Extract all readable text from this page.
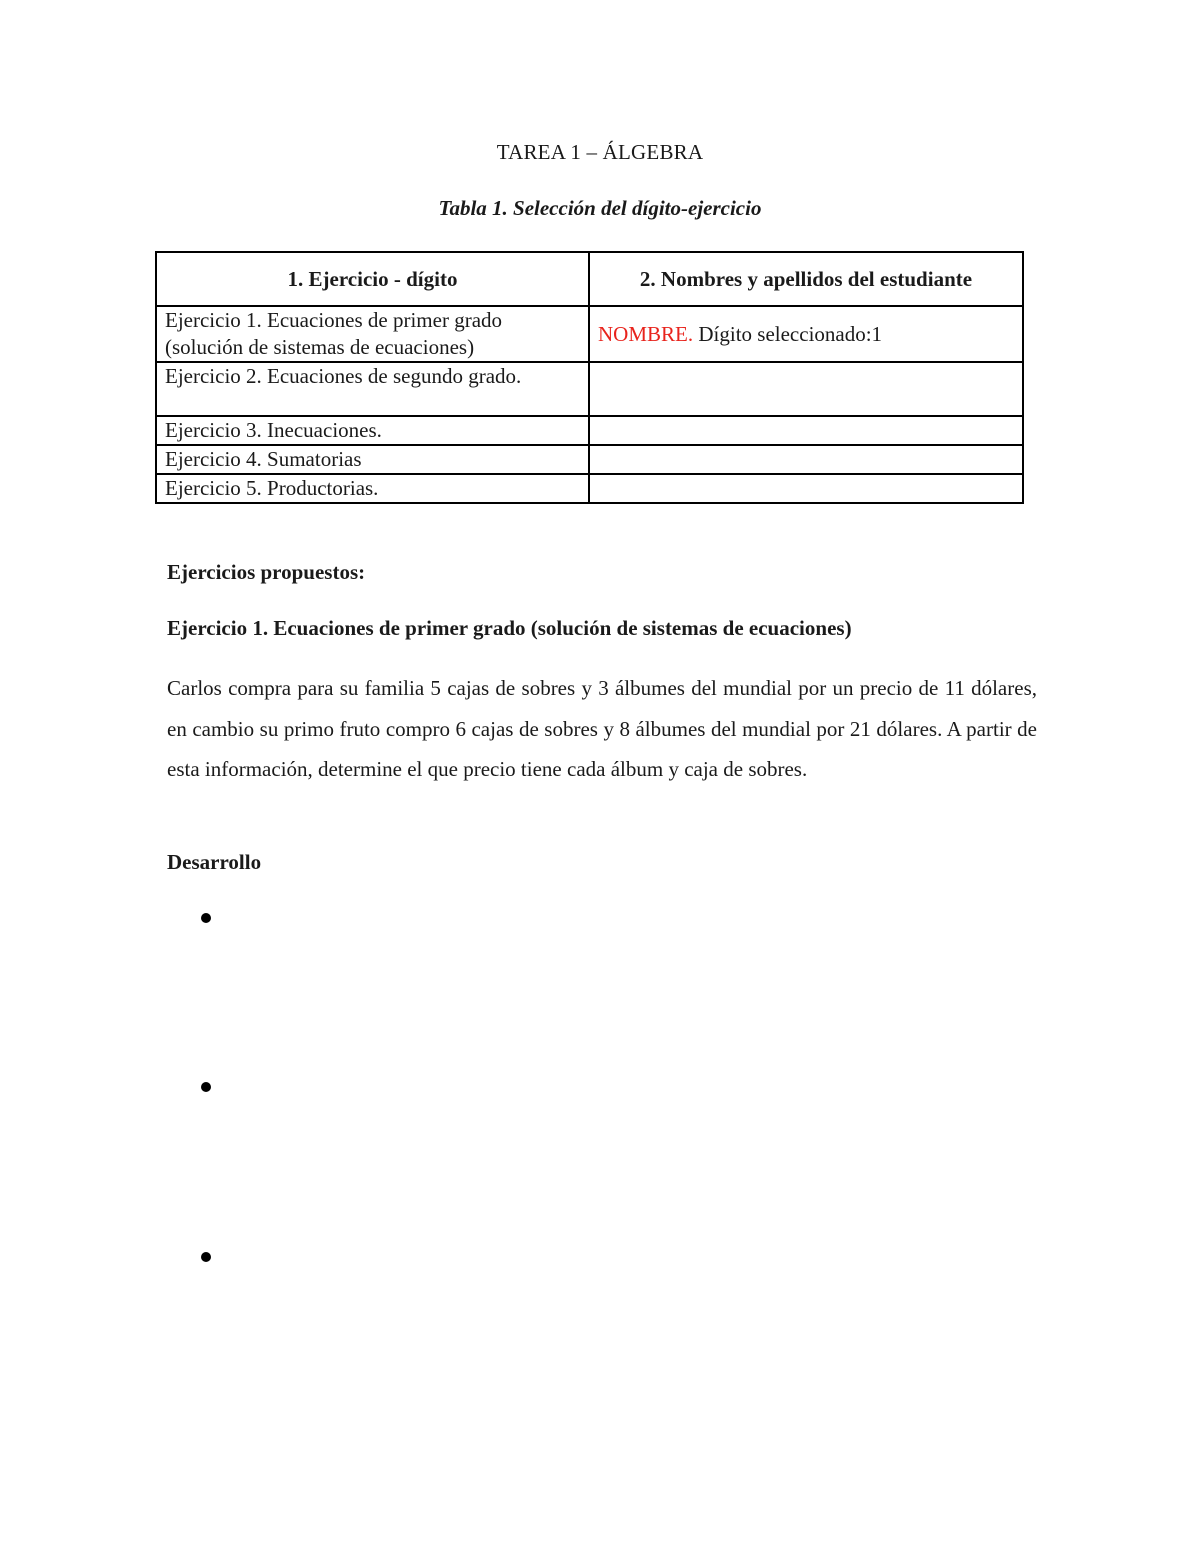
TAREA 1 – ÁLGEBRA
Tabla 1. Selección del dígito-ejercicio
1. Ejercicio - dígito	2. Nombres y apellidos del estudiante
Ejercicio 1. Ecuaciones de primer grado (solución de sistemas de ecuaciones)	NOMBRE. Dígito seleccionado:1
Ejercicio 2. Ecuaciones de segundo grado.	
Ejercicio 3. Inecuaciones.	
Ejercicio 4. Sumatorias	
Ejercicio 5. Productorias.	
Ejercicios propuestos:
Ejercicio 1. Ecuaciones de primer grado (solución de sistemas de ecuaciones)
Carlos compra para su familia 5 cajas de sobres y 3 álbumes del mundial por un precio de 11 dólares, en cambio su primo fruto compro 6 cajas de sobres y 8 álbumes del mundial por 21 dólares. A partir de esta información, determine el que precio tiene cada álbum y caja de sobres.
Desarrollo
